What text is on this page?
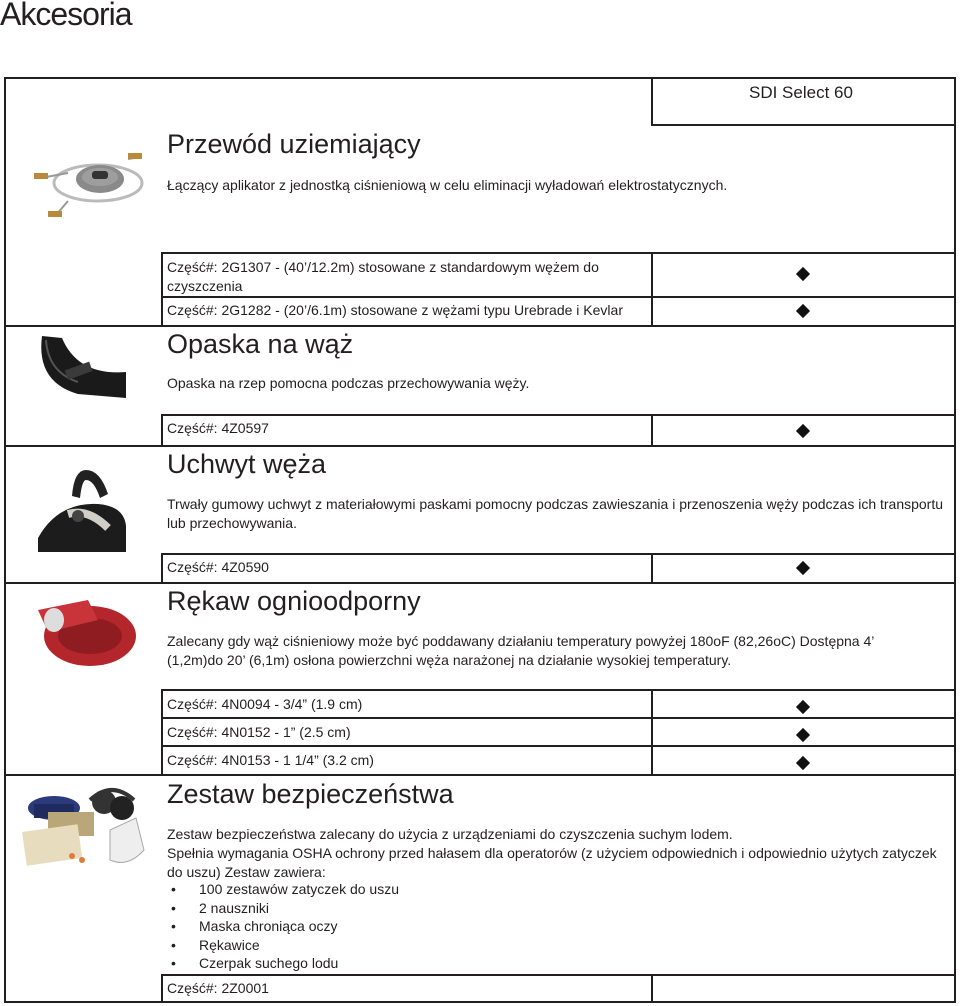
Akcesoria
SDI Select 60
Przewód uziemiający
Łączący aplikator z jednostką ciśnieniową w celu eliminacji wyładowań elektrostatycznych.
Część#: 2G1307 - (40’/12.2m) stosowane z standardowym wężem do czyszczenia
Część#: 2G1282 - (20’/6.1m) stosowane z wężami typu Urebrade i Kevlar
Opaska na wąż
Opaska na rzep pomocna podczas przechowywania węży.
Część#: 4Z0597
Uchwyt węża
Trwały gumowy uchwyt z materiałowymi paskami pomocny podczas zawieszania i przenoszenia węży podczas ich transportu lub przechowywania.
Część#: 4Z0590
Rękaw ognioodporny
Zalecany gdy wąż ciśnieniowy może być poddawany działaniu temperatury powyżej 180oF (82,26oC) Dostępna 4’ (1,2m)do 20’ (6,1m) osłona powierzchni węża narażonej na działanie wysokiej temperatury.
Część#: 4N0094 - 3/4” (1.9 cm)
Część#: 4N0152 - 1” (2.5 cm)
Część#: 4N0153 - 1 1/4” (3.2 cm)
Zestaw bezpieczeństwa
Zestaw bezpieczeństwa zalecany do użycia z urządzeniami do czyszczenia suchym lodem.
Spełnia wymagania OSHA ochrony przed hałasem dla operatorów (z użyciem odpowiednich i odpowiednio użytych zatyczek do uszu) Zestaw zawiera:
• 100 zestawów zatyczek do uszu
• 2 nauszniki
• Maska chroniąca oczy
• Rękawice
• Czerpak suchego lodu
Część#: 2Z0001
